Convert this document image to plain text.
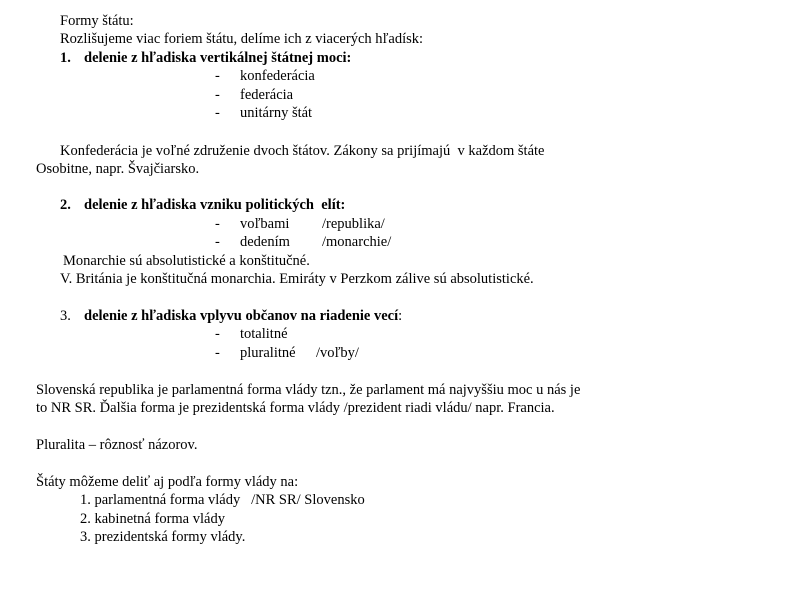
Formy štátu:
Rozlišujeme viac foriem štátu, delíme ich z viacerých hľadísk:
1. delenie z hľadiska vertikálnej štátnej moci:
- konfederácia
- federácia
- unitárny štát
Konfederácia je voľné združenie dvoch štátov. Zákony sa prijímajú  v každom štáte
Osobitne, napr. Švajčiarsko.
2. delenie z hľadiska vzniku politických  elít:
- voľbami /republika/
- dedením /monarchie/
Monarchie sú absolutistické a konštitučné.
V. Británia je konštitučná monarchia. Emiráty v Perzkom zálive sú absolutistické.
3. delenie z hľadiska vplyvu občanov na riadenie vecí:
- totalitné
- pluralitné /voľby/
Slovenská republika je parlamentná forma vlády tzn., že parlament má najvyššiu moc u nás je
to NR SR. Ďalšia forma je prezidentská forma vlády /prezident riadi vládu/ napr. Francia.
Pluralita – rôznosť názorov.
Štáty môžeme deliť aj podľa formy vlády na:
1. parlamentná forma vlády   /NR SR/ Slovensko
2. kabinetná forma vlády
3. prezidentská formy vlády.
